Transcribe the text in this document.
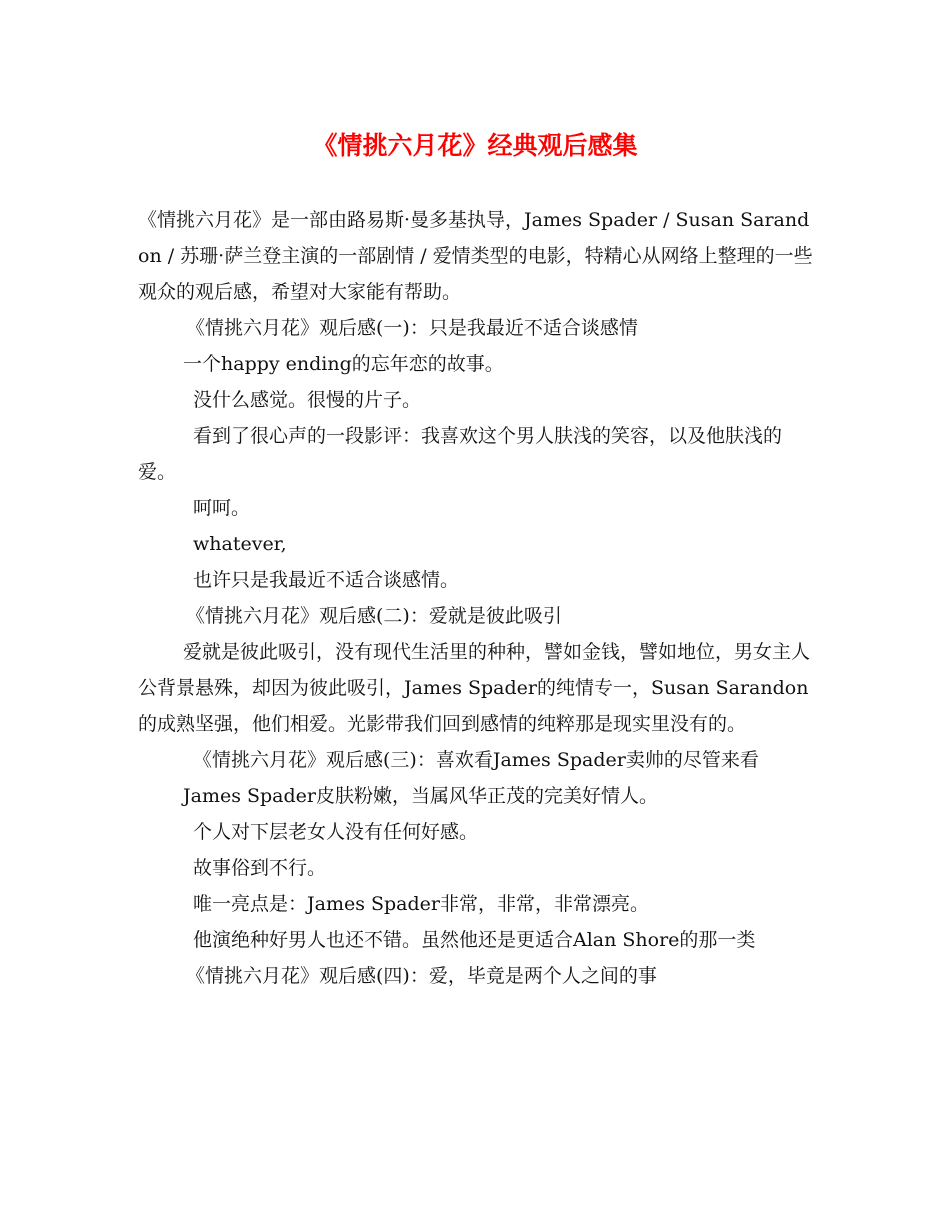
《情挑六月花》经典观后感集

《情挑六月花》是一部由路易斯·曼多基执导，James Spader / Susan Sarandon / 苏珊·萨兰登主演的一部剧情 / 爱情类型的电影，特精心从网络上整理的一些观众的观后感，希望对大家能有帮助。

《情挑六月花》观后感(一)：只是我最近不适合谈感情

一个happy ending的忘年恋的故事。

没什么感觉。很慢的片子。

看到了很心声的一段影评：我喜欢这个男人肤浅的笑容，以及他肤浅的爱。

呵呵。

whatever,

也许只是我最近不适合谈感情。

《情挑六月花》观后感(二)：爱就是彼此吸引

爱就是彼此吸引，没有现代生活里的种种，譬如金钱，譬如地位，男女主人公背景悬殊，却因为彼此吸引，James Spader的纯情专一，Susan Sarandon的成熟坚强，他们相爱。光影带我们回到感情的纯粹那是现实里没有的。

《情挑六月花》观后感(三)：喜欢看James Spader卖帅的尽管来看

James Spader皮肤粉嫩，当属风华正茂的完美好情人。

个人对下层老女人没有任何好感。

故事俗到不行。

唯一亮点是：James Spader非常，非常，非常漂亮。

他演绝种好男人也还不错。虽然他还是更适合Alan Shore的那一类

《情挑六月花》观后感(四)：爱，毕竟是两个人之间的事
